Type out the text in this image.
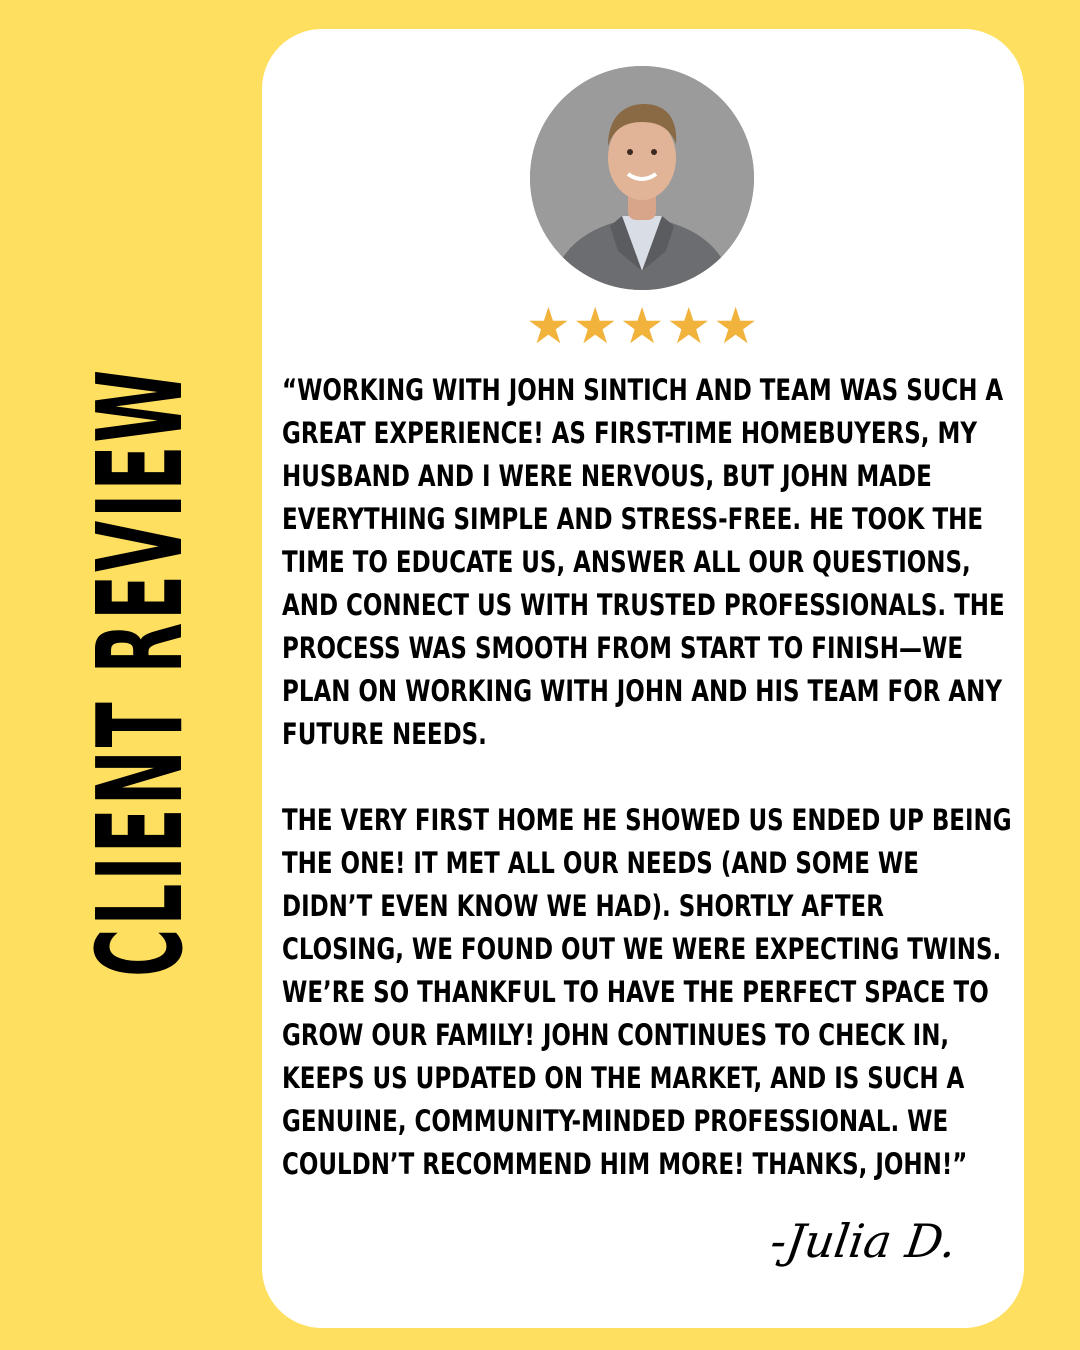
CLIENT REVIEW
★★★★★

“WORKING WITH JOHN SINTICH AND TEAM WAS SUCH A GREAT EXPERIENCE! AS FIRST-TIME HOMEBUYERS, MY HUSBAND AND I WERE NERVOUS, BUT JOHN MADE EVERYTHING SIMPLE AND STRESS-FREE. HE TOOK THE TIME TO EDUCATE US, ANSWER ALL OUR QUESTIONS, AND CONNECT US WITH TRUSTED PROFESSIONALS. THE PROCESS WAS SMOOTH FROM START TO FINISH—WE PLAN ON WORKING WITH JOHN AND HIS TEAM FOR ANY FUTURE NEEDS.

THE VERY FIRST HOME HE SHOWED US ENDED UP BEING THE ONE! IT MET ALL OUR NEEDS (AND SOME WE DIDN’T EVEN KNOW WE HAD). SHORTLY AFTER CLOSING, WE FOUND OUT WE WERE EXPECTING TWINS. WE’RE SO THANKFUL TO HAVE THE PERFECT SPACE TO GROW OUR FAMILY! JOHN CONTINUES TO CHECK IN, KEEPS US UPDATED ON THE MARKET, AND IS SUCH A GENUINE, COMMUNITY-MINDED PROFESSIONAL. WE COULDN’T RECOMMEND HIM MORE! THANKS, JOHN!”

-Julia D.
